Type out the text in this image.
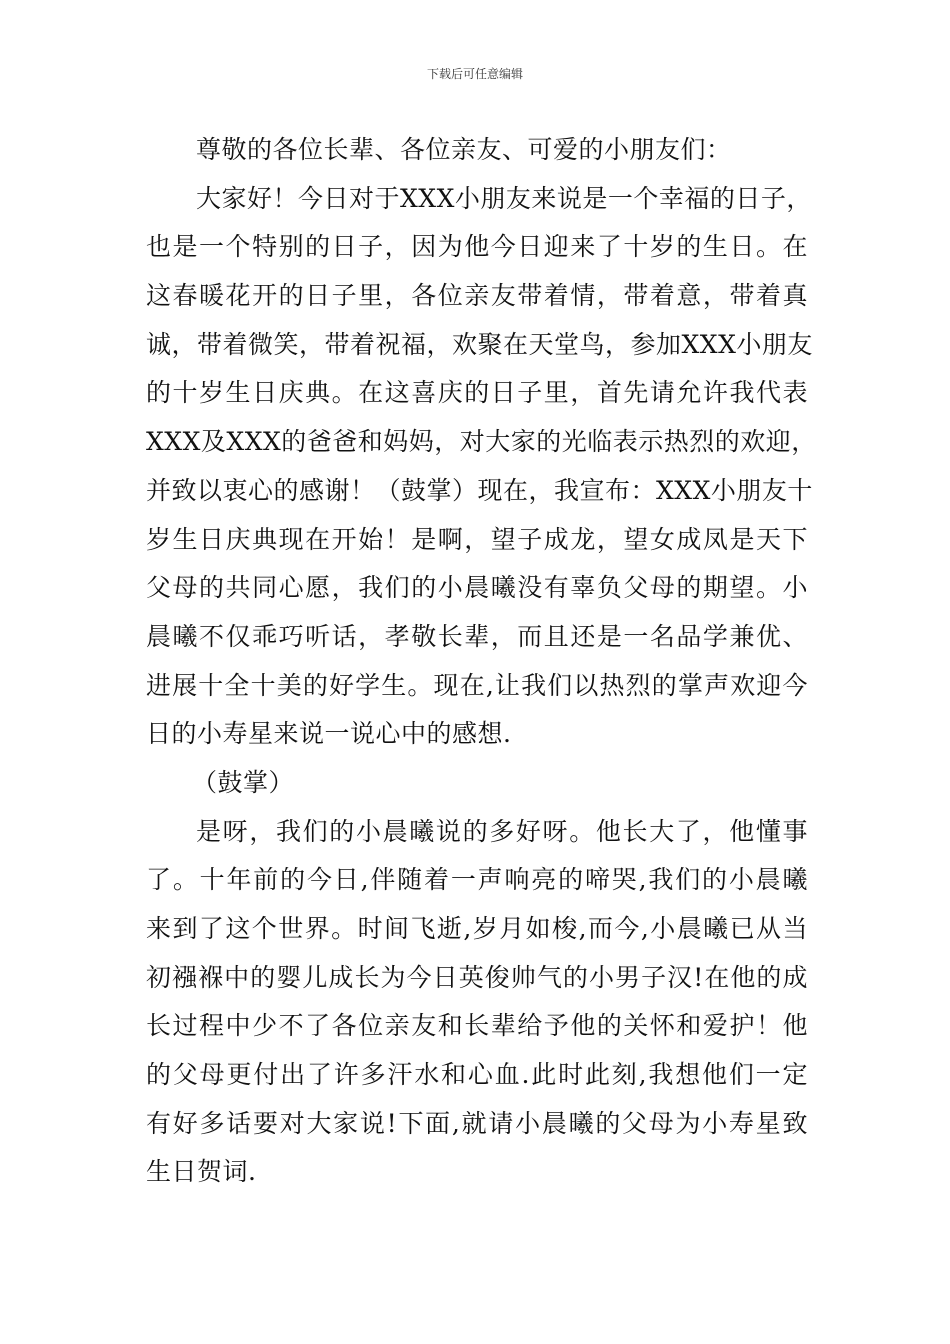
下载后可任意编辑
尊敬的各位长辈、各位亲友、可爱的小朋友们：
大家好！今日对于XXX小朋友来说是一个幸福的日子，
也是一个特别的日子，因为他今日迎来了十岁的生日。在
这春暖花开的日子里，各位亲友带着情，带着意，带着真
诚，带着微笑，带着祝福，欢聚在天堂鸟，参加XXX小朋友
的十岁生日庆典。在这喜庆的日子里，首先请允许我代表
XXX及XXX的爸爸和妈妈，对大家的光临表示热烈的欢迎，
并致以衷心的感谢！（鼓掌）现在，我宣布：XXX小朋友十
岁生日庆典现在开始！是啊，望子成龙，望女成凤是天下
父母的共同心愿，我们的小晨曦没有辜负父母的期望。小
晨曦不仅乖巧听话，孝敬长辈，而且还是一名品学兼优、
进展十全十美的好学生。现在,让我们以热烈的掌声欢迎今
日的小寿星来说一说心中的感想.
（鼓掌）
是呀，我们的小晨曦说的多好呀。他长大了，他懂事
了。十年前的今日,伴随着一声响亮的啼哭,我们的小晨曦
来到了这个世界。时间飞逝,岁月如梭,而今,小晨曦已从当
初襁褓中的婴儿成长为今日英俊帅气的小男子汉!在他的成
长过程中少不了各位亲友和长辈给予他的关怀和爱护！他
的父母更付出了许多汗水和心血.此时此刻,我想他们一定
有好多话要对大家说!下面,就请小晨曦的父母为小寿星致
生日贺词.
